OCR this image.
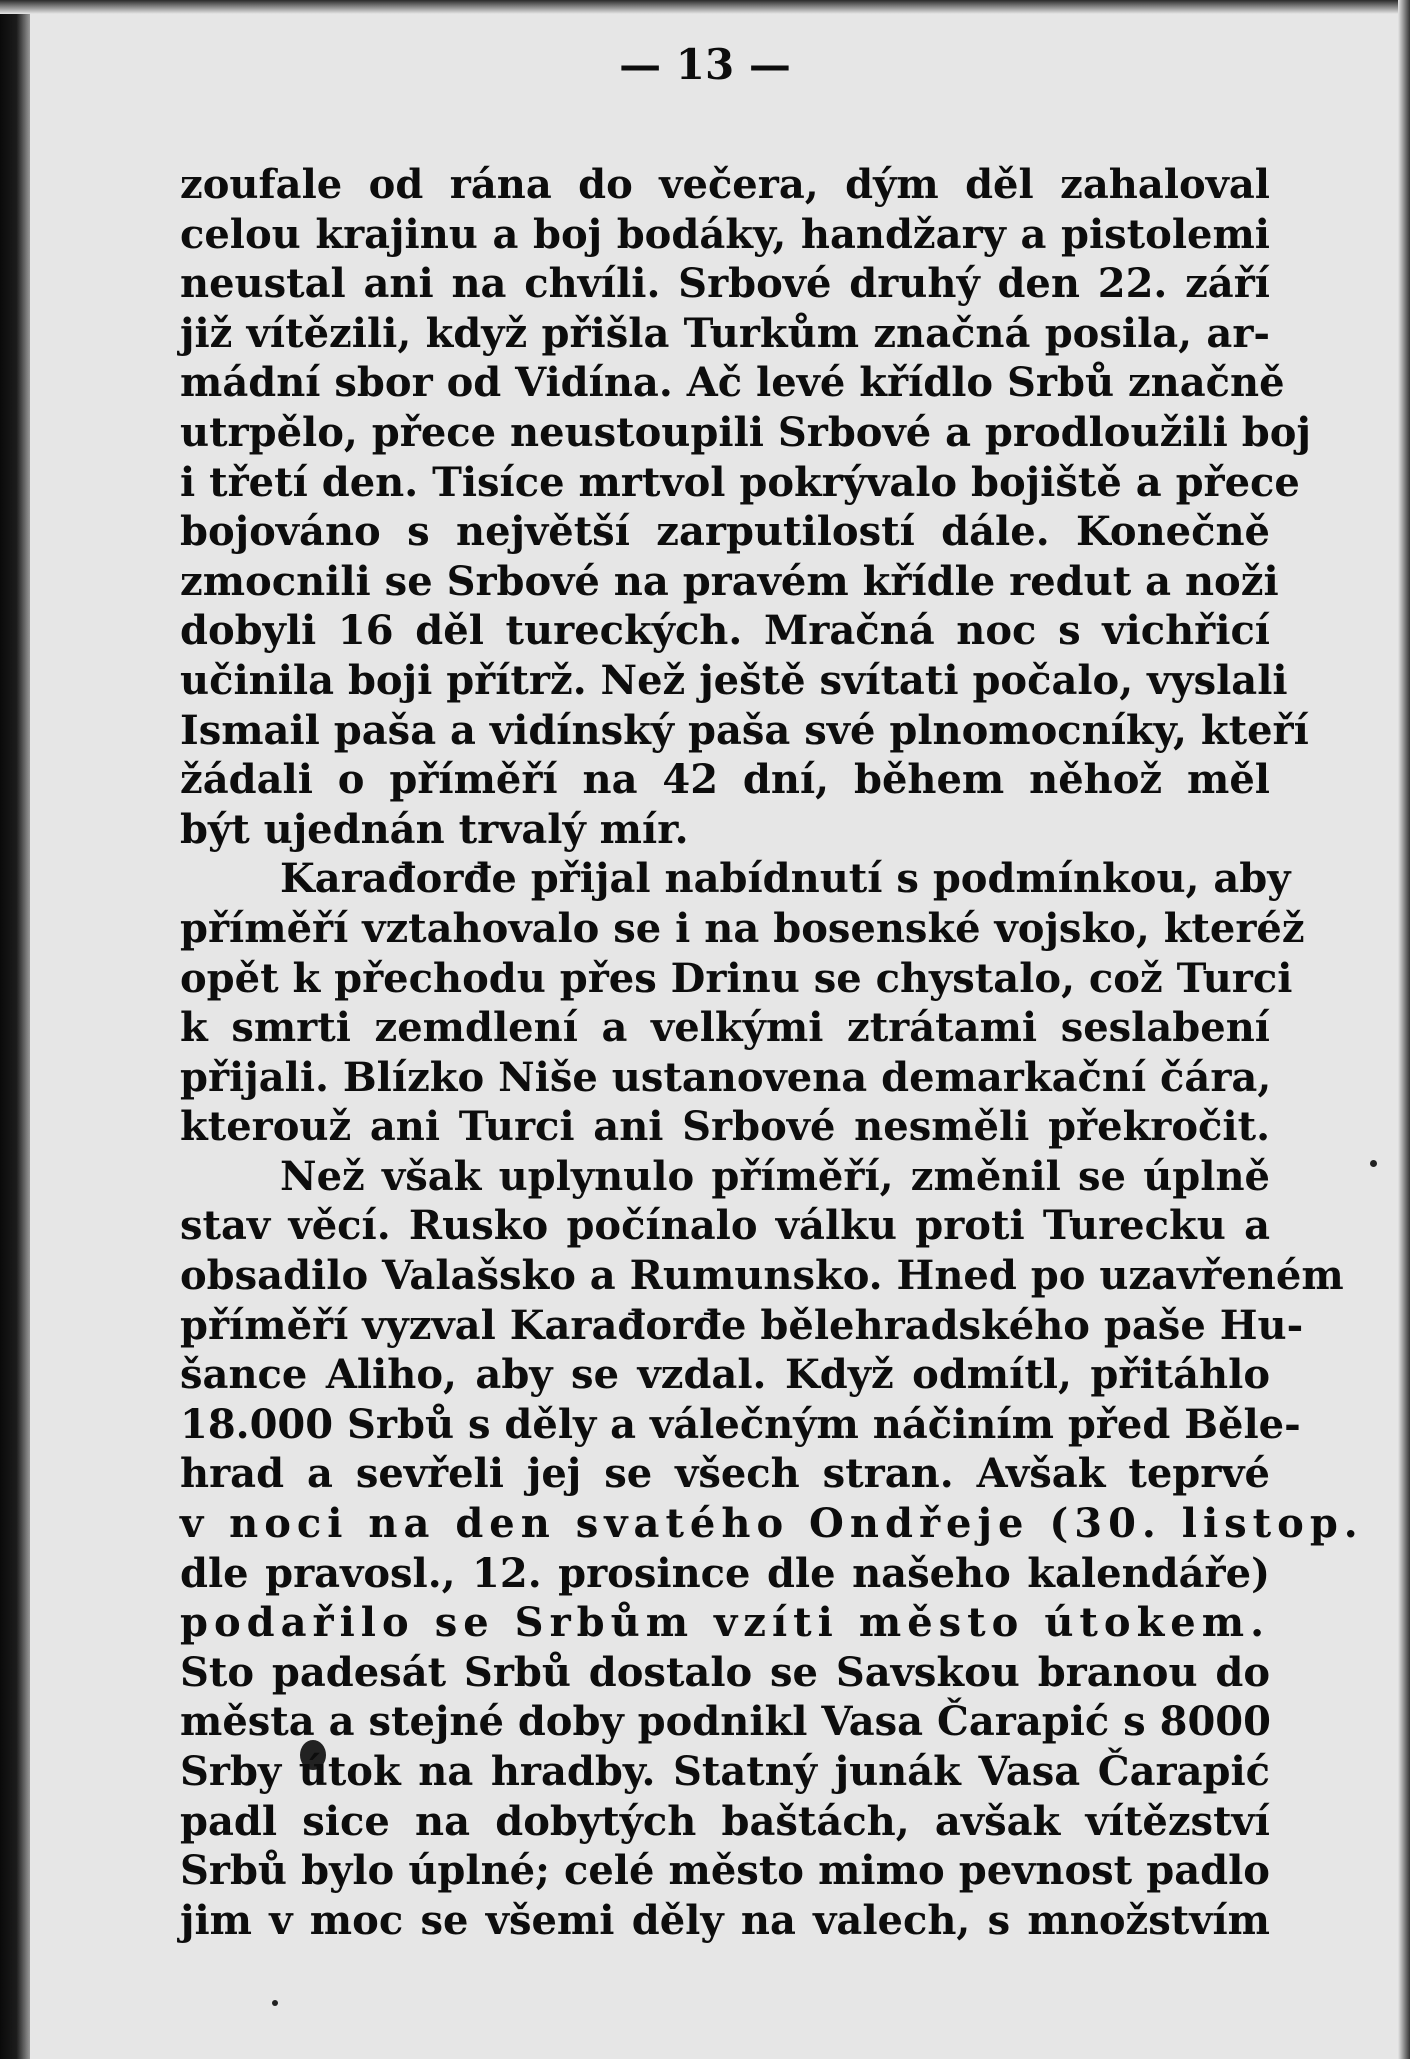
— 13 —
zoufale od rána do večera, dým děl zahaloval
celou krajinu a boj bodáky, handžary a pistolemi
neustal ani na chvíli. Srbové druhý den 22. září
již vítězili, když přišla Turkům značná posila, ar-
mádní sbor od Vidína. Ač levé křídlo Srbů značně
utrpělo, přece neustoupili Srbové a prodloužili boj
i třetí den. Tisíce mrtvol pokrývalo bojiště a přece
bojováno s největší zarputilostí dále. Konečně
zmocnili se Srbové na pravém křídle redut a noži
dobyli 16 děl tureckých. Mračná noc s vichřicí
učinila boji přítrž. Než ještě svítati počalo, vyslali
Ismail paša a vidínský paša své plnomocníky, kteří
žádali o příměří na 42 dní, během něhož měl
být ujednán trvalý mír.
Karađorđe přijal nabídnutí s podmínkou, aby
příměří vztahovalo se i na bosenské vojsko, kteréž
opět k přechodu přes Drinu se chystalo, což Turci
k smrti zemdlení a velkými ztrátami seslabení
přijali. Blízko Niše ustanovena demarkační čára,
kterouž ani Turci ani Srbové nesměli překročit.
Než však uplynulo příměří, změnil se úplně
stav věcí. Rusko počínalo válku proti Turecku a
obsadilo Valašsko a Rumunsko. Hned po uzavřeném
příměří vyzval Karađorđe bělehradského paše Hu-
šance Aliho, aby se vzdal. Když odmítl, přitáhlo
18.000 Srbů s děly a válečným náčiním před Běle-
hrad a sevřeli jej se všech stran. Avšak teprvé
v noci na den svatého Ondřeje (30. listop.
dle pravosl., 12. prosince dle našeho kalendáře)
podařilo se Srbům vzíti město útokem.
Sto padesát Srbů dostalo se Savskou branou do
města a stejné doby podnikl Vasa Čarapić s 8000
Srby útok na hradby. Statný junák Vasa Čarapić
padl sice na dobytých baštách, avšak vítězství
Srbů bylo úplné; celé město mimo pevnost padlo
jim v moc se všemi děly na valech, s množstvím
